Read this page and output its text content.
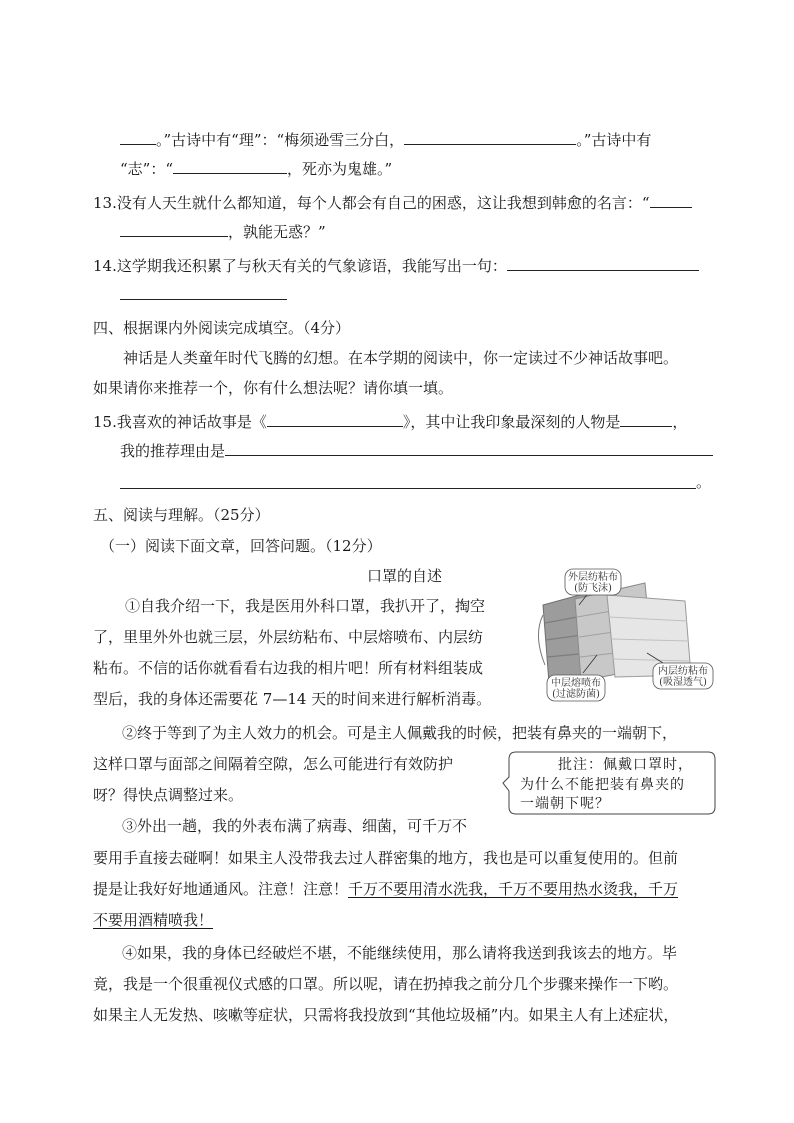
。”古诗中有“理”：“梅须逊雪三分白，	。”古诗中有
“志”：“	，死亦为鬼雄。”
13.没有人天生就什么都知道，每个人都会有自己的困惑，这让我想到韩愈的名言：“
，孰能无惑？”
14.这学期我还积累了与秋天有关的气象谚语，我能写出一句：
四、根据课内外阅读完成填空。（4分）
神话是人类童年时代飞腾的幻想。在本学期的阅读中，你一定读过不少神话故事吧。
如果请你来推荐一个，你有什么想法呢？请你填一填。
15.我喜欢的神话故事是《	》，其中让我印象最深刻的人物是	，
我的推荐理由是
。
五、阅读与理解。（25分）
（一）阅读下面文章，回答问题。（12分）
口罩的自述
①自我介绍一下，我是医用外科口罩，我扒开了，掏空
了，里里外外也就三层，外层纺粘布、中层熔喷布、内层纺
粘布。不信的话你就看看右边我的相片吧！所有材料组装成
型后，我的身体还需要花 7—14 天的时间来进行解析消毒。
外层纺粘布
(防飞沫)
中层熔喷布
(过滤防菌)
内层纺粘布
(吸湿透气)
②终于等到了为主人效力的机会。可是主人佩戴我的时候，把装有鼻夹的一端朝下，
这样口罩与面部之间隔着空隙，怎么可能进行有效防护
呀？得快点调整过来。
批注：佩戴口罩时，
为什么不能把装有鼻夹的
一端朝下呢？
③外出一趟，我的外表布满了病毒、细菌，可千万不
要用手直接去碰啊！如果主人没带我去过人群密集的地方，我也是可以重复使用的。但前
提是让我好好地通通风。注意！注意！千万不要用清水洗我，千万不要用热水烫我，千万
不要用酒精喷我！
④如果，我的身体已经破烂不堪，不能继续使用，那么请将我送到我该去的地方。毕
竟，我是一个很重视仪式感的口罩。所以呢，请在扔掉我之前分几个步骤来操作一下哟。
如果主人无发热、咳嗽等症状，只需将我投放到“其他垃圾桶”内。如果主人有上述症状，
